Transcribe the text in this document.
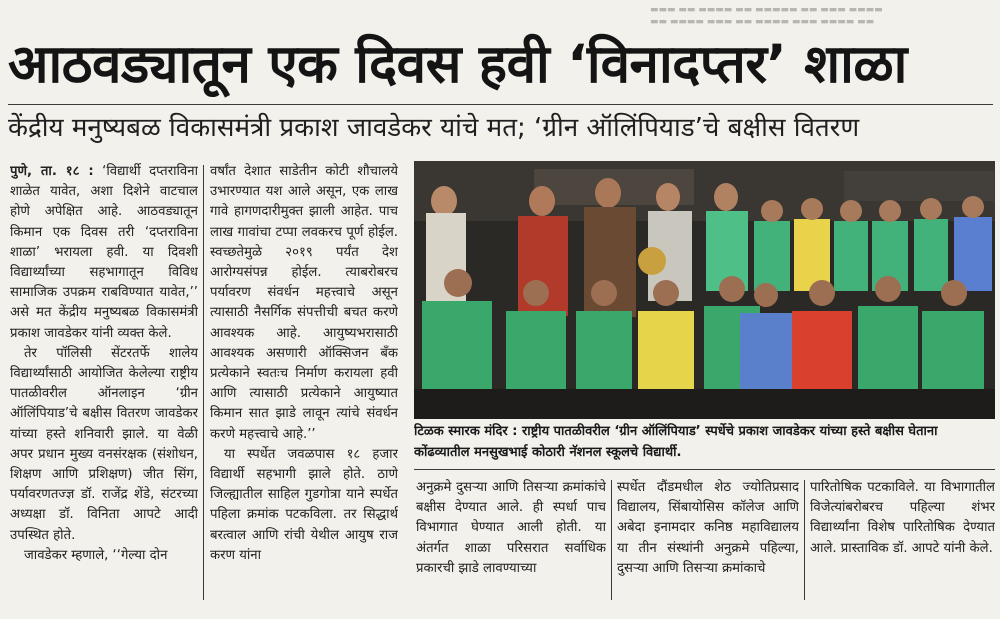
▬▬▬ ▬▬ ▬▬▬▬ ▬▬ ▬▬▬▬▬ ▬▬ ▬▬▬ ▬▬▬▬
▬▬ ▬▬▬▬ ▬▬▬ ▬▬ ▬▬▬▬ ▬▬▬ ▬▬▬▬ ▬▬
आठवड्यातून एक दिवस हवी ‘विनादप्तर’ शाळा
केंद्रीय मनुष्यबळ विकासमंत्री प्रकाश जावडेकर यांचे मत; ‘ग्रीन ऑलिंपियाड’चे बक्षीस वितरण

पुणे, ता. १८ : ‘विद्यार्थी दप्तराविना शाळेत यावेत, अशा दिशेने वाटचाल होणे अपेक्षित आहे. आठवड्यातून किमान एक दिवस तरी ‘दप्तराविना शाळा’ भरायला हवी. या दिवशी विद्यार्थ्यांच्या सहभागातून विविध सामाजिक उपक्रम राबविण्यात यावेत,’’ असे मत केंद्रीय मनुष्यबळ विकासमंत्री प्रकाश जावडेकर यांनी व्यक्त केले.

तेर पॉलिसी सेंटरतर्फे शालेय विद्यार्थ्यांसाठी आयोजित केलेल्या राष्ट्रीय पातळीवरील ऑनलाइन ‘ग्रीन ऑलिंपियाड’चे बक्षीस वितरण जावडेकर यांच्या हस्ते शनिवारी झाले. या वेळी अपर प्रधान मुख्य वनसंरक्षक (संशोधन, शिक्षण आणि प्रशिक्षण) जीत सिंग, पर्यावरणतज्ज्ञ डॉ. राजेंद्र शेंडे, संटरच्या अध्यक्षा डॉ. विनिता आपटे आदी उपस्थित होते.

जावडेकर म्हणाले, ‘‘गेल्या दोन

वर्षांत देशात साडेतीन कोटी शौचालये उभारण्यात यश आले असून, एक लाख गावे हागणदारीमुक्त झाली आहेत. पाच लाख गावांचा टप्पा लवकरच पूर्ण होईल. स्वच्छतेमुळे २०१९ पर्यंत देश आरोग्यसंपन्न होईल. त्याबरोबरच पर्यावरण संवर्धन महत्त्वाचे असून त्यासाठी नैसर्गिक संपत्तीची बचत करणे आवश्यक आहे. आयुष्यभरासाठी आवश्यक असणारी ऑक्सिजन बँक प्रत्येकाने स्वतःच निर्माण करायला हवी आणि त्यासाठी प्रत्येकाने आयुष्यात किमान सात झाडे लावून त्यांचे संवर्धन करणे महत्त्वाचे आहे.’’

या स्पर्धेत जवळपास १८ हजार विद्यार्थी सहभागी झाले होते. ठाणे जिल्ह्यातील साहिल गुडगोत्रा याने स्पर्धेत पहिला क्रमांक पटकविला. तर सिद्धार्थ बरत्वाल आणि रांची येथील आयुष राज करण यांना

टिळक स्मारक मंदिर : राष्ट्रीय पातळीवरील ‘ग्रीन ऑलिंपियाड’ स्पर्धेचे प्रकाश जावडेकर यांच्या हस्ते बक्षीस घेताना कोंढव्यातील मनसुखभाई कोठारी नॅशनल स्कूलचे विद्यार्थी.

अनुक्रमे दुसऱ्या आणि तिसऱ्या क्रमांकांचे बक्षीस देण्यात आले. ही स्पर्धा पाच विभागात घेण्यात आली होती. या अंतर्गत शाळा परिसरात सर्वाधिक प्रकारची झाडे लावण्याच्या

स्पर्धेत दौंडमधील शेठ ज्योतिप्रसाद विद्यालय, सिंबायोसिस कॉलेज आणि अबेदा इनामदार कनिष्ठ महाविद्यालय या तीन संस्थांनी अनुक्रमे पहिल्या, दुसऱ्या आणि तिसऱ्या क्रमांकाचे

पारितोषिक पटकाविले. या विभागातील विजेत्यांबरोबरच पहिल्या शंभर विद्यार्थ्यांना विशेष पारितोषिक देण्यात आले. प्रास्ताविक डॉ. आपटे यांनी केले.
